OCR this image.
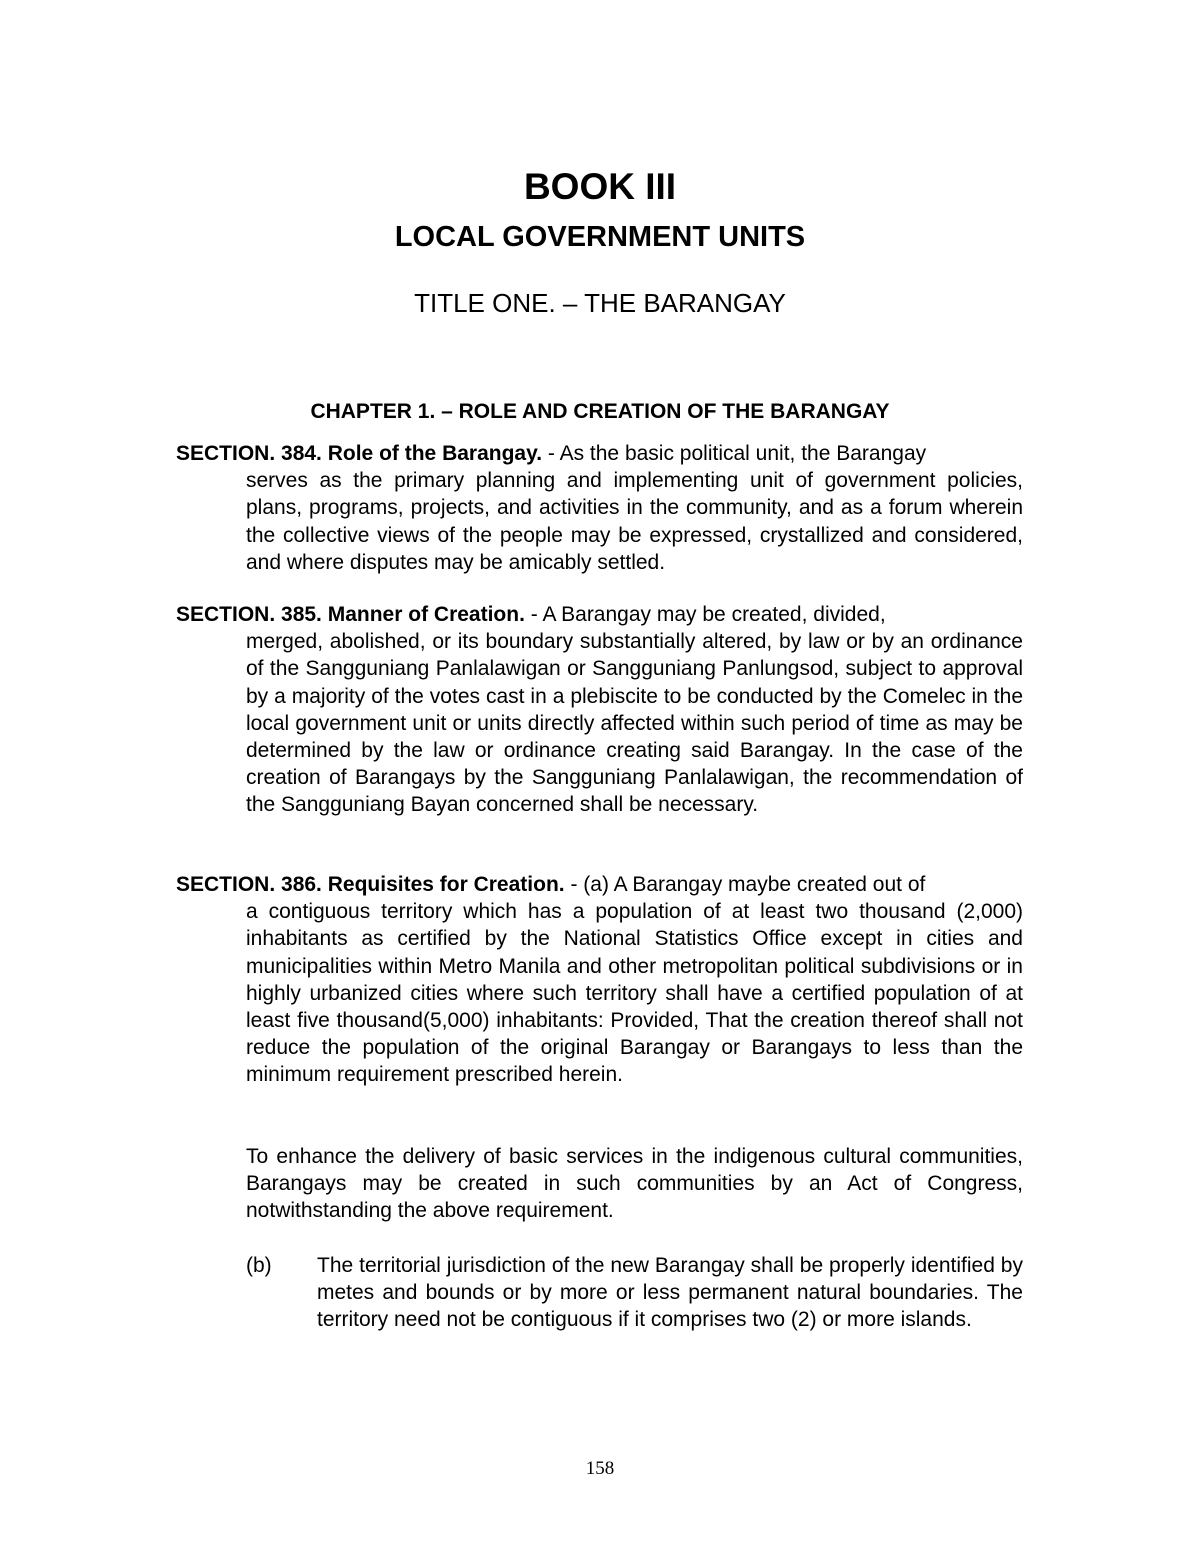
BOOK III
LOCAL GOVERNMENT UNITS
TITLE ONE. – THE BARANGAY
CHAPTER 1. – ROLE AND CREATION OF THE BARANGAY
SECTION. 384. Role of the Barangay. - As the basic political unit, the Barangay
serves as the primary planning and implementing unit of government policies, plans, programs, projects, and activities in the community, and as a forum wherein the collective views of the people may be expressed, crystallized and considered, and where disputes may be amicably settled.
SECTION. 385. Manner of Creation. - A Barangay may be created, divided,
merged, abolished, or its boundary substantially altered, by law or by an ordinance of the Sangguniang Panlalawigan or Sangguniang Panlungsod, subject to approval by a majority of the votes cast in a plebiscite to be conducted by the Comelec in the local government unit or units directly affected within such period of time as may be determined by the law or ordinance creating said Barangay. In the case of the creation of Barangays by the Sangguniang Panlalawigan, the recommendation of the Sangguniang Bayan concerned shall be necessary.
SECTION. 386. Requisites for Creation. - (a) A Barangay maybe created out of
a contiguous territory which has a population of at least two thousand (2,000) inhabitants as certified by the National Statistics Office except in cities and municipalities within Metro Manila and other metropolitan political subdivisions or in highly urbanized cities where such territory shall have a certified population of at least five thousand(5,000) inhabitants: Provided, That the creation thereof shall not reduce the population of the original Barangay or Barangays to less than the minimum requirement prescribed herein.

To enhance the delivery of basic services in the indigenous cultural communities, Barangays may be created in such communities by an Act of Congress, notwithstanding the above requirement.

(b) The territorial jurisdiction of the new Barangay shall be properly identified by metes and bounds or by more or less permanent natural boundaries. The territory need not be contiguous if it comprises two (2) or more islands.
158
